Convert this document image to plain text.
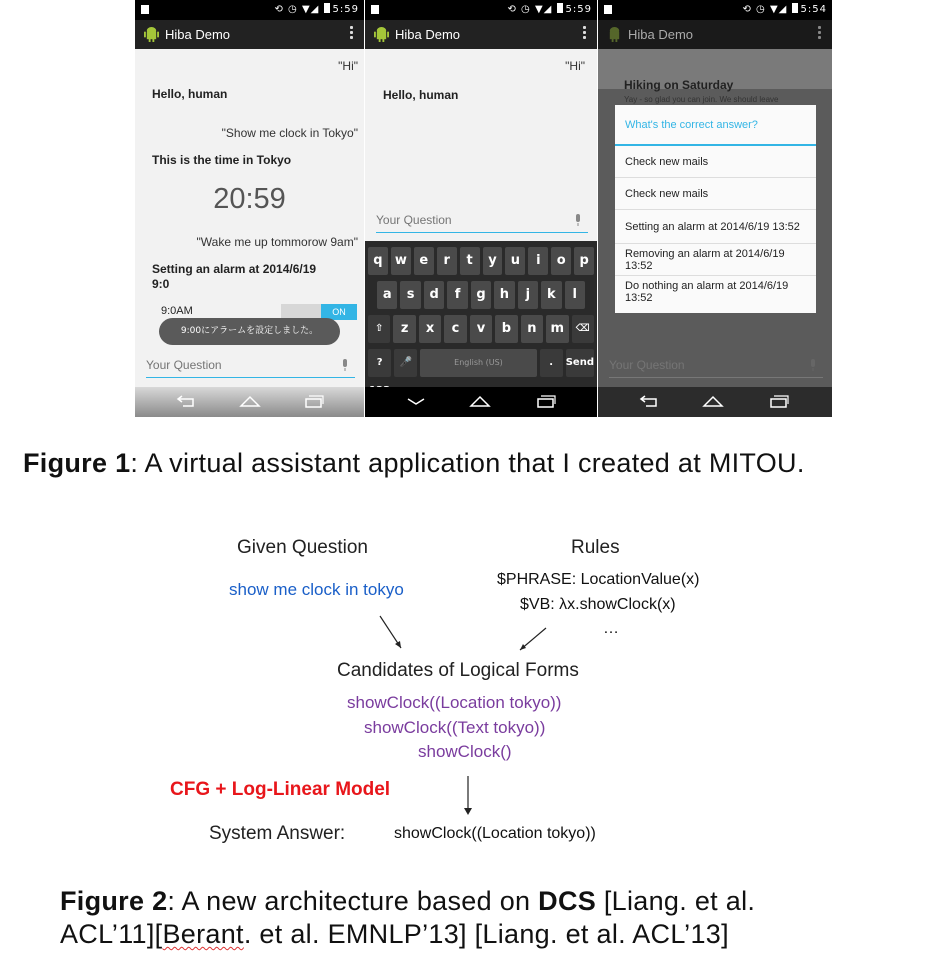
⟲ ◷ ▼◢ 5:59
Hiba Demo
"Hi"
Hello, human
"Show me clock in Tokyo"
This is the time in Tokyo
20:59
"Wake me up tommorow 9am"
Setting an alarm at 2014/6/19
9:0
9:0AM	ON
9:00にアラームを設定しました。
Your Question
⟲ ◷ ▼◢ 5:59
Hiba Demo
"Hi"
Hello, human
Your Question
q w e	r	t	y	u	i	o	p
a	s	d	f	g	h	j	k	l
⇧	z	x	c	v	b	n	m	⌫
?	🎤	English (US)	.	Send
⟲ ◷ ▼◢ 5:54
Hiba Demo
Hiking on Saturday
Yay - so glad you can join. We should leave
What's the correct answer?
Check new mails
Check new mails
Setting an alarm at 2014/6/19 13:52
Removing an alarm at 2014/6/19 13:52
Do nothing an alarm at 2014/6/19 13:52
Your Question
Figure 1: A virtual assistant application that I created at MITOU.
Given Question	Rules
show me clock in tokyo
$PHRASE: LocationValue(x)
$VB: λx.showClock(x)
…
Candidates of Logical Forms
showClock((Location tokyo))
showClock((Text tokyo))
showClock()
CFG + Log-Linear Model
System Answer:	showClock((Location tokyo))
Figure 2: A new architecture based on DCS [Liang. et al.
ACL’11][Berant. et al. EMNLP’13] [Liang. et al. ACL’13]
